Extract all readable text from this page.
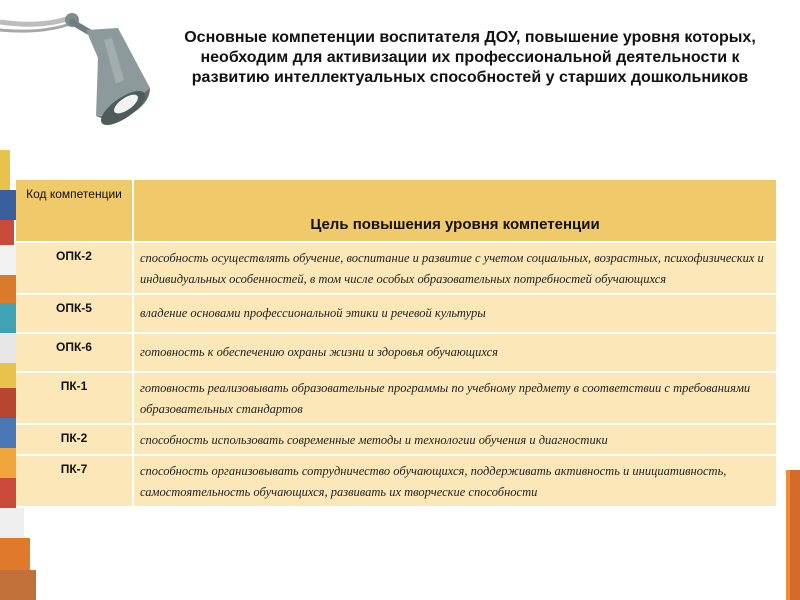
Основные компетенции воспитателя ДОУ, повышение уровня которых, необходим для активизации их профессиональной деятельности к развитию интеллектуальных способностей у старших дошкольников
Код компетенции	Цель повышения уровня компетенции

ОПК-2	способность осуществлять обучение, воспитание и развитие с учетом социальных, возрастных, психофизических и индивидуальных особенностей, в том числе особых образовательных потребностей обучающихся

ОПК-5	владение основами профессиональной этики и речевой культуры

ОПК-6	готовность к обеспечению охраны жизни и здоровья обучающихся

ПК-1	готовность реализовывать образовательные программы по учебному предмету в соответствии с требованиями образовательных стандартов

ПК-2	способность использовать современные методы и технологии обучения и диагностики

ПК-7	способность организовывать сотрудничество обучающихся, поддерживать активность и инициативность, самостоятельность обучающихся, развивать их творческие способности
